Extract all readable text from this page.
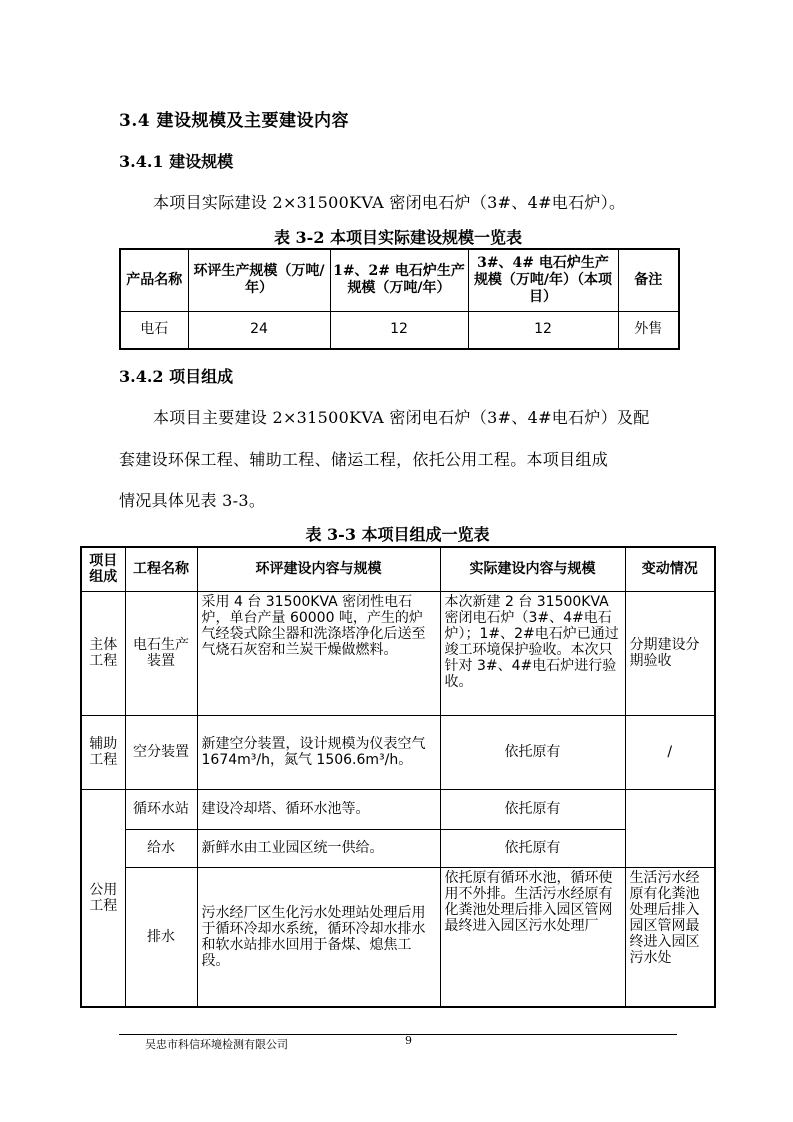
3.4 建设规模及主要建设内容
3.4.1 建设规模
本项目实际建设 2×31500KVA 密闭电石炉（3#、4#电石炉）。
表 3-2 本项目实际建设规模一览表
产品名称	环评生产规模（万吨/年）	1#、2# 电石炉生产规模（万吨/年）	3#、4# 电石炉生产规模（万吨/年）（本项目）	备注
电石	24	12	12	外售
3.4.2 项目组成
本项目主要建设 2×31500KVA 密闭电石炉（3#、4#电石炉）及配
套建设环保工程、辅助工程、储运工程，依托公用工程。本项目组成
情况具体见表 3-3。
表 3-3 本项目组成一览表
项目组成	工程名称	环评建设内容与规模	实际建设内容与规模	变动情况
主体工程	电石生产装置	采用 4 台 31500KVA 密闭性电石炉，单台产量 60000 吨，产生的炉气经袋式除尘器和洗涤塔净化后送至气烧石灰窑和兰炭干燥做燃料。	本次新建 2 台 31500KVA 密闭电石炉（3#、4#电石炉）；1#、2#电石炉已通过竣工环境保护验收。本次只针对 3#、4#电石炉进行验收。	分期建设分期验收
辅助工程	空分装置	新建空分装置，设计规模为仪表空气 1674m³/h，氮气 1506.6m³/h。	依托原有	/
公用工程	循环水站	建设冷却塔、循环水池等。	依托原有	
	给水	新鲜水由工业园区统一供给。	依托原有	
	排水	污水经厂区生化污水处理站处理后用于循环冷却水系统，循环冷却水排水和软水站排水回用于备煤、熄焦工段。	依托原有循环水池，循环使用不外排。生活污水经原有化粪池处理后排入园区管网最终进入园区污水处理厂	生活污水经原有化粪池处理后排入园区管网最终进入园区污水处
吴忠市科信环境检测有限公司	9
